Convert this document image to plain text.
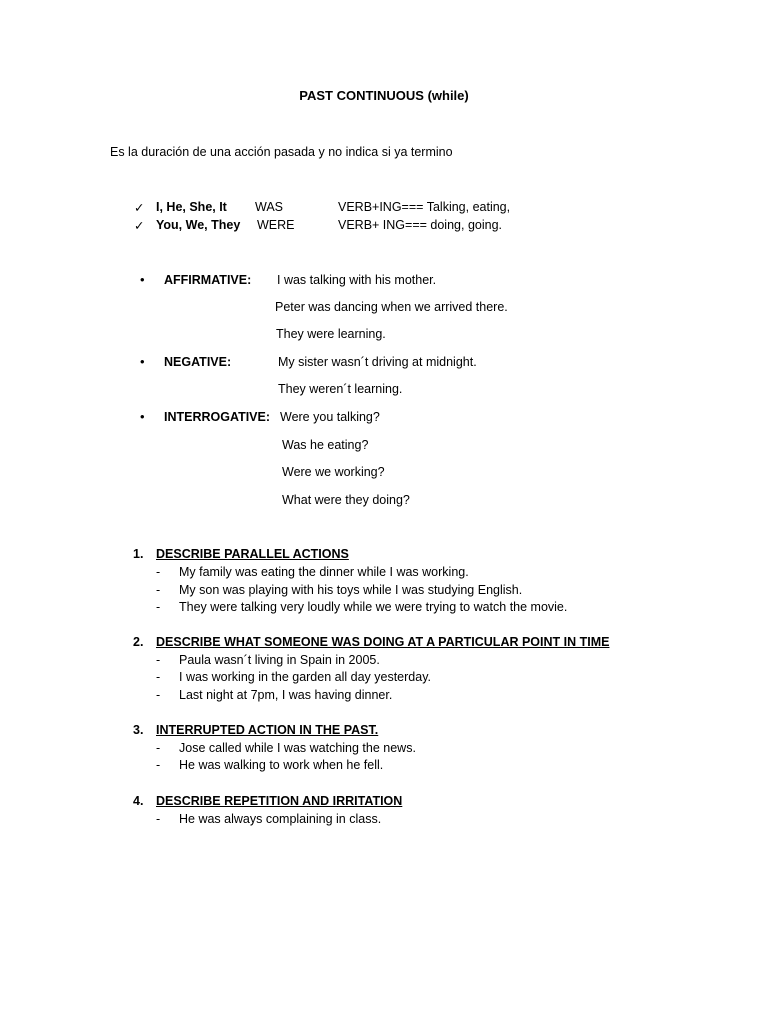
PAST CONTINUOUS (while)
Es la duración de una acción pasada y no indica si ya termino
✓ I, He, She, It WAS	VERB+ING=== Talking, eating,
✓ You, We, They WERE	VERB+ ING=== doing, going.
• AFFIRMATIVE: I was talking with his mother.
Peter was dancing when we arrived there.
They were learning.
• NEGATIVE:	My sister wasn´t driving at midnight.
They weren´t learning.
• INTERROGATIVE: Were you talking?
Was he eating?
Were we working?
What were they doing?
1. DESCRIBE PARALLEL ACTIONS
- My family was eating the dinner while I was working.
- My son was playing with his toys while I was studying English.
- They were talking very loudly while we were trying to watch the movie.
2. DESCRIBE WHAT SOMEONE WAS DOING AT A PARTICULAR POINT IN TIME
- Paula wasn´t living in Spain in 2005.
- I was working in the garden all day yesterday.
- Last night at 7pm, I was having dinner.
3. INTERRUPTED ACTION IN THE PAST.
- Jose called while I was watching the news.
- He was walking to work when he fell.
4. DESCRIBE REPETITION AND IRRITATION
- He was always complaining in class.
